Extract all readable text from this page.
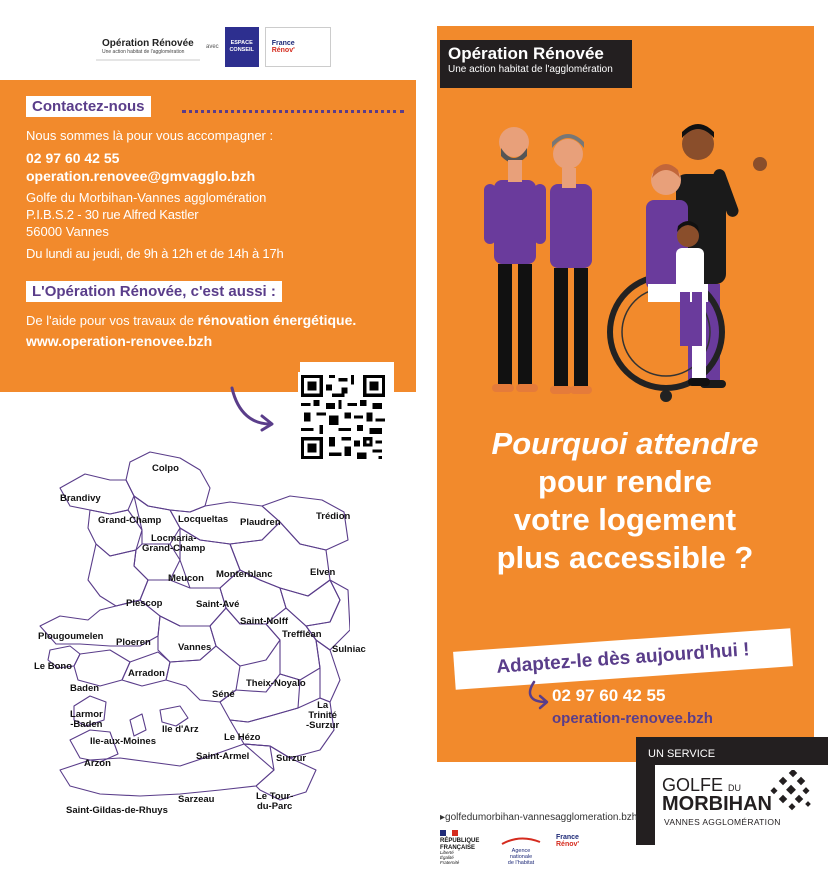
Opération Rénovée
Une action habitat de l'agglomération
avec
ESPACE
CONSEIL
France
Rénov'
Contactez-nous
Nous sommes là pour vous accompagner :
02 97 60 42 55
operation.renovee@gmvagglo.bzh
Golfe du Morbihan-Vannes agglomération
P.I.B.S.2 - 30 rue Alfred Kastler
56000 Vannes
Du lundi au jeudi, de 9h à 12h et de 14h à 17h
L'Opération Rénovée, c'est aussi :
De l'aide pour vos travaux de rénovation énergétique.
www.operation-renovee.bzh
Colpo
Brandivy
Grand-Champ Locqueltas Plaudren
Trédion
Locmaria-
Grand-Champ
Meucon Monterblanc	Elven
Plescop	Saint-Avé
Saint-Nolff
Treffléan
Ploeren
Plougoumelen
Vannes	Sulniac
Le Bono
Arradon
Theix-Noyalo
Baden
Séné
La
Trinité
-Surzur
Larmor
-Baden	Ile d'Arz
Ile-aux-Moines	Le Hézo
Arzon
Saint-Armel	Surzur
Sarzeau
Saint-Gildas-de-Rhuys
Le Tour-
du-Parc
Opération Rénovée
Une action habitat de l'agglomération
Pourquoi attendre
pour rendre
votre logement
plus accessible ?
Adaptez-le dès aujourd'hui !
02 97 60 42 55
operation-renovee.bzh
UN SERVICE
GOLFE DU
MORBIHAN
VANNES AGGLOMÉRATION
▸golfedumorbihan-vannesagglomeration.bzh
RÉPUBLIQUE
FRANÇAISE
Liberté
Égalité
Fraternité
Agence
nationale
de l'habitat
France
Rénov'
